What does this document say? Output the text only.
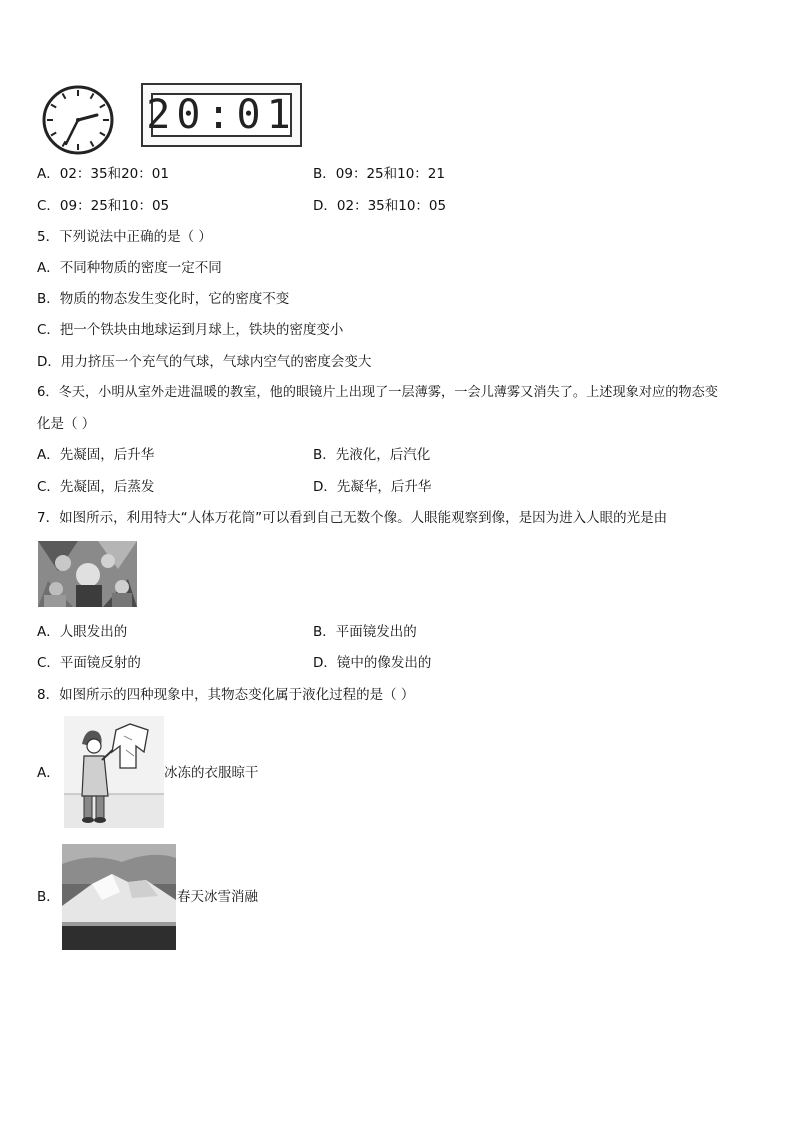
20:01
A．02：35和20：01	B．09：25和10：21
C．09：25和10：05	D．02：35和10：05
5．下列说法中正确的是（ ）
A．不同种物质的密度一定不同
B．物质的物态发生变化时，它的密度不变
C．把一个铁块由地球运到月球上，铁块的密度变小
D．用力挤压一个充气的气球，气球内空气的密度会变大
6．冬天，小明从室外走进温暖的教室，他的眼镜片上出现了一层薄雾，一会儿薄雾又消失了。上述现象对应的物态变
化是（ ）
A．先凝固，后升华	B．先液化，后汽化
C．先凝固，后蒸发	D．先凝华，后升华
7．如图所示，利用特大“人体万花筒”可以看到自己无数个像。人眼能观察到像，是因为进入人眼的光是由
A．人眼发出的	B．平面镜发出的
C．平面镜反射的	D．镜中的像发出的
8．如图所示的四种现象中，其物态变化属于液化过程的是（ ）
A．	冰冻的衣服晾干
B．	春天冰雪消融
